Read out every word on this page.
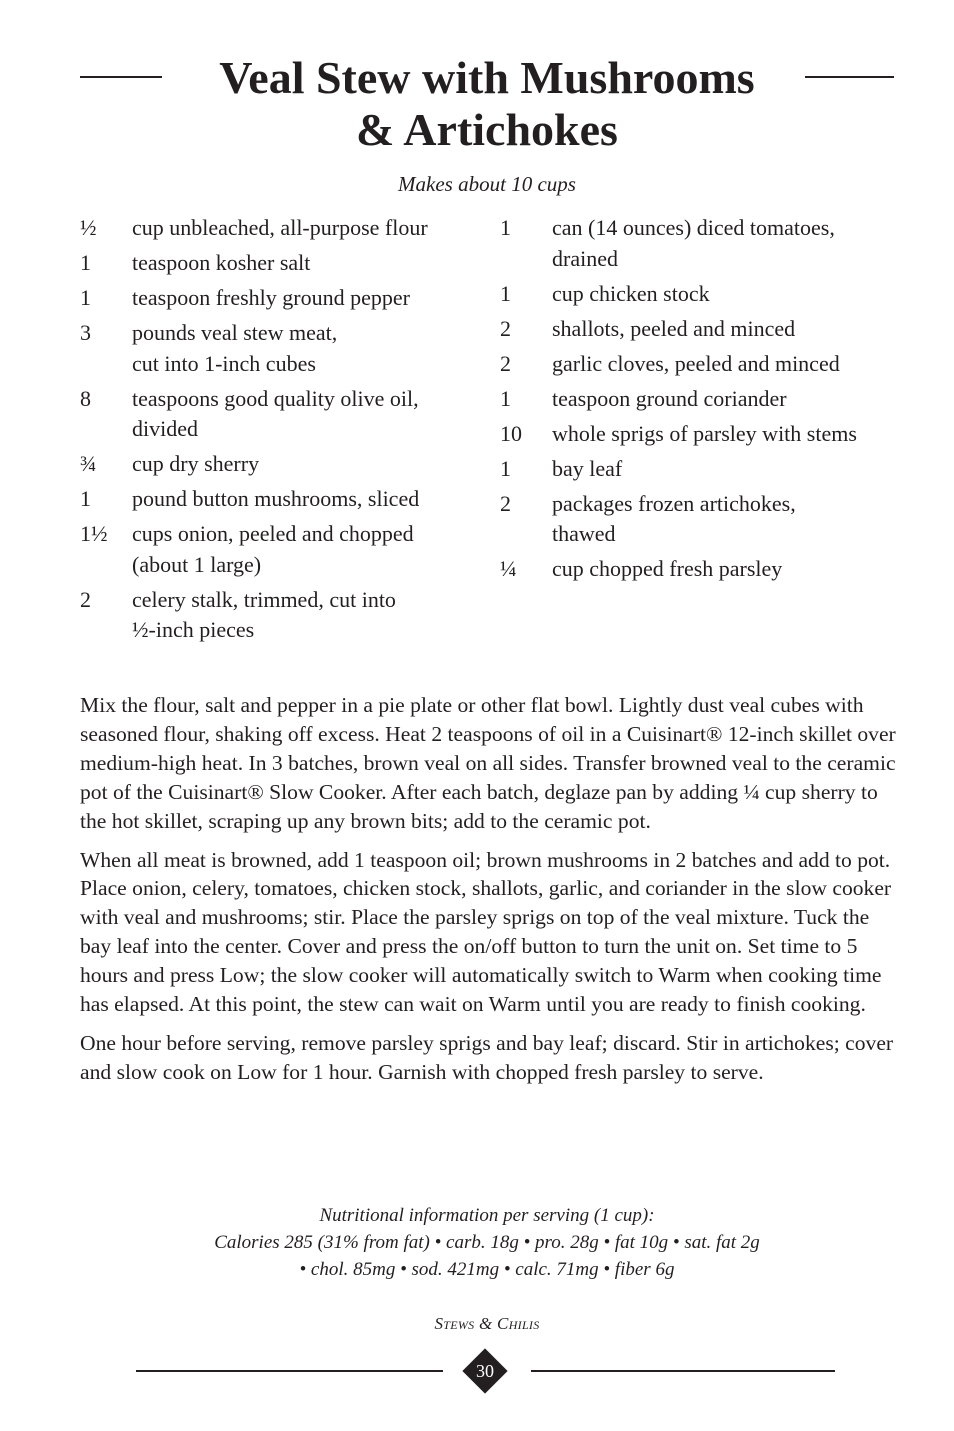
Veal Stew with Mushrooms
& Artichokes
Makes about 10 cups
½	cup unbleached, all-purpose flour
1	teaspoon kosher salt
1	teaspoon freshly ground pepper
3	pounds veal stew meat,
cut into 1-inch cubes
8	teaspoons good quality olive oil,
divided
¾	cup dry sherry
1	pound button mushrooms, sliced
1½	cups onion, peeled and chopped
(about 1 large)
2	celery stalk, trimmed, cut into
½-inch pieces
1	can (14 ounces) diced tomatoes,
drained
1	cup chicken stock
2	shallots, peeled and minced
2	garlic cloves, peeled and minced
1	teaspoon ground coriander
10	whole sprigs of parsley with stems
1	bay leaf
2	packages frozen artichokes,
thawed
¼	cup chopped fresh parsley

Mix the flour, salt and pepper in a pie plate or other flat bowl. Lightly dust veal cubes with seasoned flour, shaking off excess. Heat 2 teaspoons of oil in a Cuisinart® 12-inch skillet over medium-high heat. In 3 batches, brown veal on all sides. Transfer browned veal to the ceramic pot of the Cuisinart® Slow Cooker. After each batch, deglaze pan by adding ¼ cup sherry to the hot skillet, scraping up any brown bits; add to the ceramic pot.

When all meat is browned, add 1 teaspoon oil; brown mushrooms in 2 batches and add to pot. Place onion, celery, tomatoes, chicken stock, shallots, garlic, and coriander in the slow cooker with veal and mushrooms; stir. Place the parsley sprigs on top of the veal mixture. Tuck the bay leaf into the center. Cover and press the on/off button to turn the unit on. Set time to 5 hours and press Low; the slow cooker will automatically switch to Warm when cooking time has elapsed. At this point, the stew can wait on Warm until you are ready to finish cooking.

One hour before serving, remove parsley sprigs and bay leaf; discard. Stir in artichokes; cover and slow cook on Low for 1 hour. Garnish with chopped fresh parsley to serve.

Nutritional information per serving (1 cup):
Calories 285 (31% from fat) • carb. 18g • pro. 28g • fat 10g • sat. fat 2g
• chol. 85mg • sod. 421mg • calc. 71mg • fiber 6g
Stews & Chilis
30
